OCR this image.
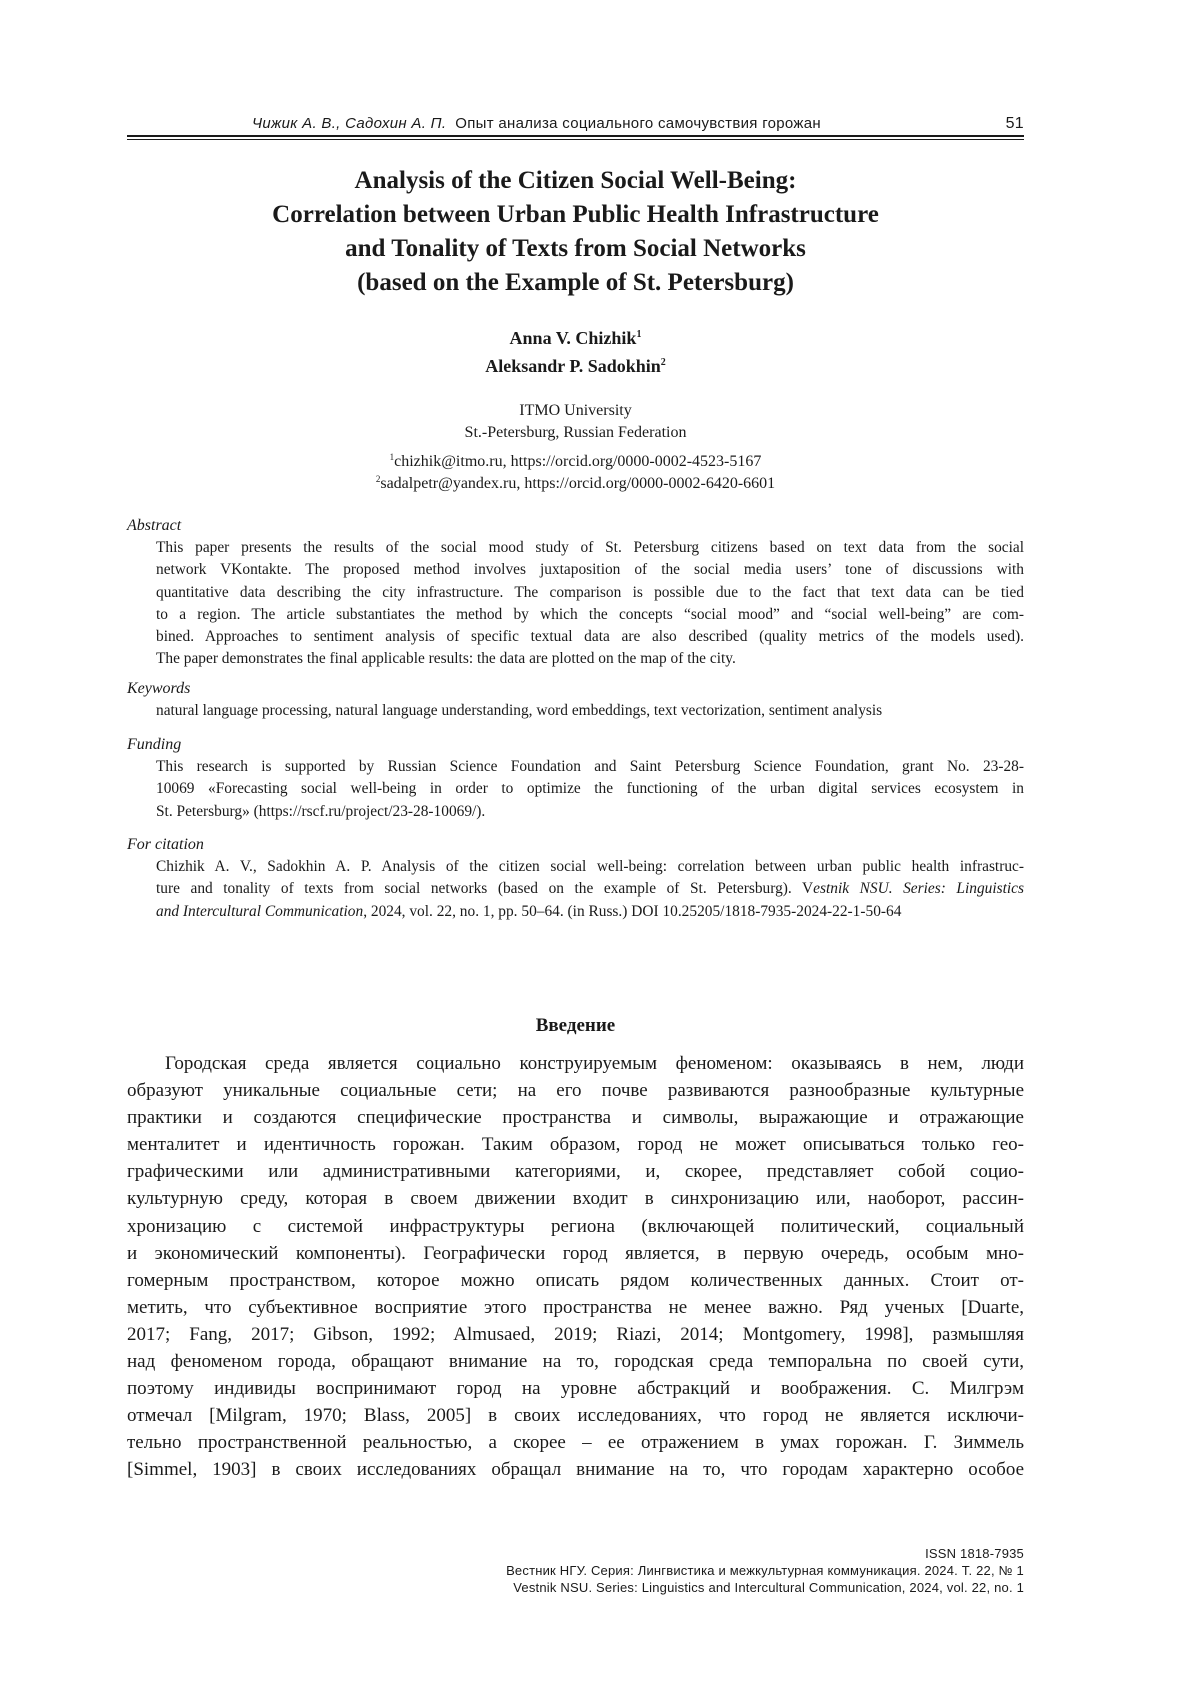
Чижик А. В., Садохин А. П. Опыт анализа социального самочувствия горожан	51
Analysis of the Citizen Social Well-Being:
Correlation between Urban Public Health Infrastructure
and Tonality of Texts from Social Networks
(based on the Example of St. Petersburg)
Anna V. Chizhik$^1$
Aleksandr P. Sadokhin$^2$
ITMO University
St.-Petersburg, Russian Federation
$^1$chizhik@itmo.ru, https://orcid.org/0000-0002-4523-5167
$^2$sadalpetr@yandex.ru, https://orcid.org/0000-0002-6420-6601
Abstract
This paper presents the results of the social mood study of St. Petersburg citizens based on text data from the social
network VKontakte. The proposed method involves juxtaposition of the social media users’ tone of discussions with
quantitative data describing the city infrastructure. The comparison is possible due to the fact that text data can be tied
to a region. The article substantiates the method by which the concepts “social mood” and “social well-being” are com-
bined. Approaches to sentiment analysis of specific textual data are also described (quality metrics of the models used).
The paper demonstrates the final applicable results: the data are plotted on the map of the city.
Keywords
natural language processing, natural language understanding, word embeddings, text vectorization, sentiment analysis
Funding
This research is supported by Russian Science Foundation and Saint Petersburg Science Foundation, grant No. 23-28-
10069 «Forecasting social well-being in order to optimize the functioning of the urban digital services ecosystem in
St. Petersburg» (https://rscf.ru/project/23-28-10069/).
For citation
Chizhik A. V., Sadokhin A. P. Analysis of the citizen social well-being: correlation between urban public health infrastruc-
ture and tonality of texts from social networks (based on the example of St. Petersburg). Vestnik NSU. Series: Linguistics
and Intercultural Communication, 2024, vol. 22, no. 1, pp. 50–64. (in Russ.) DOI 10.25205/1818-7935-2024-22-1-50-64
Введение
Городская среда является социально конструируемым феноменом: оказываясь в нем, люди
образуют уникальные социальные сети; на его почве развиваются разнообразные культурные
практики и создаются специфические пространства и символы, выражающие и отражающие
менталитет и идентичность горожан. Таким образом, город не может описываться только гео-
графическими или административными категориями, и, скорее, представляет собой социо-
культурную среду, которая в своем движении входит в синхронизацию или, наоборот, рассин-
хронизацию с системой инфраструктуры региона (включающей политический, социальный
и экономический компоненты). Географически город является, в первую очередь, особым мно-
гомерным пространством, которое можно описать рядом количественных данных. Стоит от-
метить, что субъективное восприятие этого пространства не менее важно. Ряд ученых [Duarte,
2017; Fang, 2017; Gibson, 1992; Almusaed, 2019; Riazi, 2014; Montgomery, 1998], размышляя
над феноменом города, обращают внимание на то, городская среда темпоральна по своей сути,
поэтому индивиды воспринимают город на уровне абстракций и воображения. С. Милгрэм
отмечал [Milgram, 1970; Blass, 2005] в своих исследованиях, что город не является исключи-
тельно пространственной реальностью, а скорее – ее отражением в умах горожан. Г. Зиммель
[Simmel, 1903] в своих исследованиях обращал внимание на то, что городам характерно особое
ISSN 1818-7935
Вестник НГУ. Серия: Лингвистика и межкультурная коммуникация. 2024. Т. 22, № 1
Vestnik NSU. Series: Linguistics and Intercultural Communication, 2024, vol. 22, no. 1
